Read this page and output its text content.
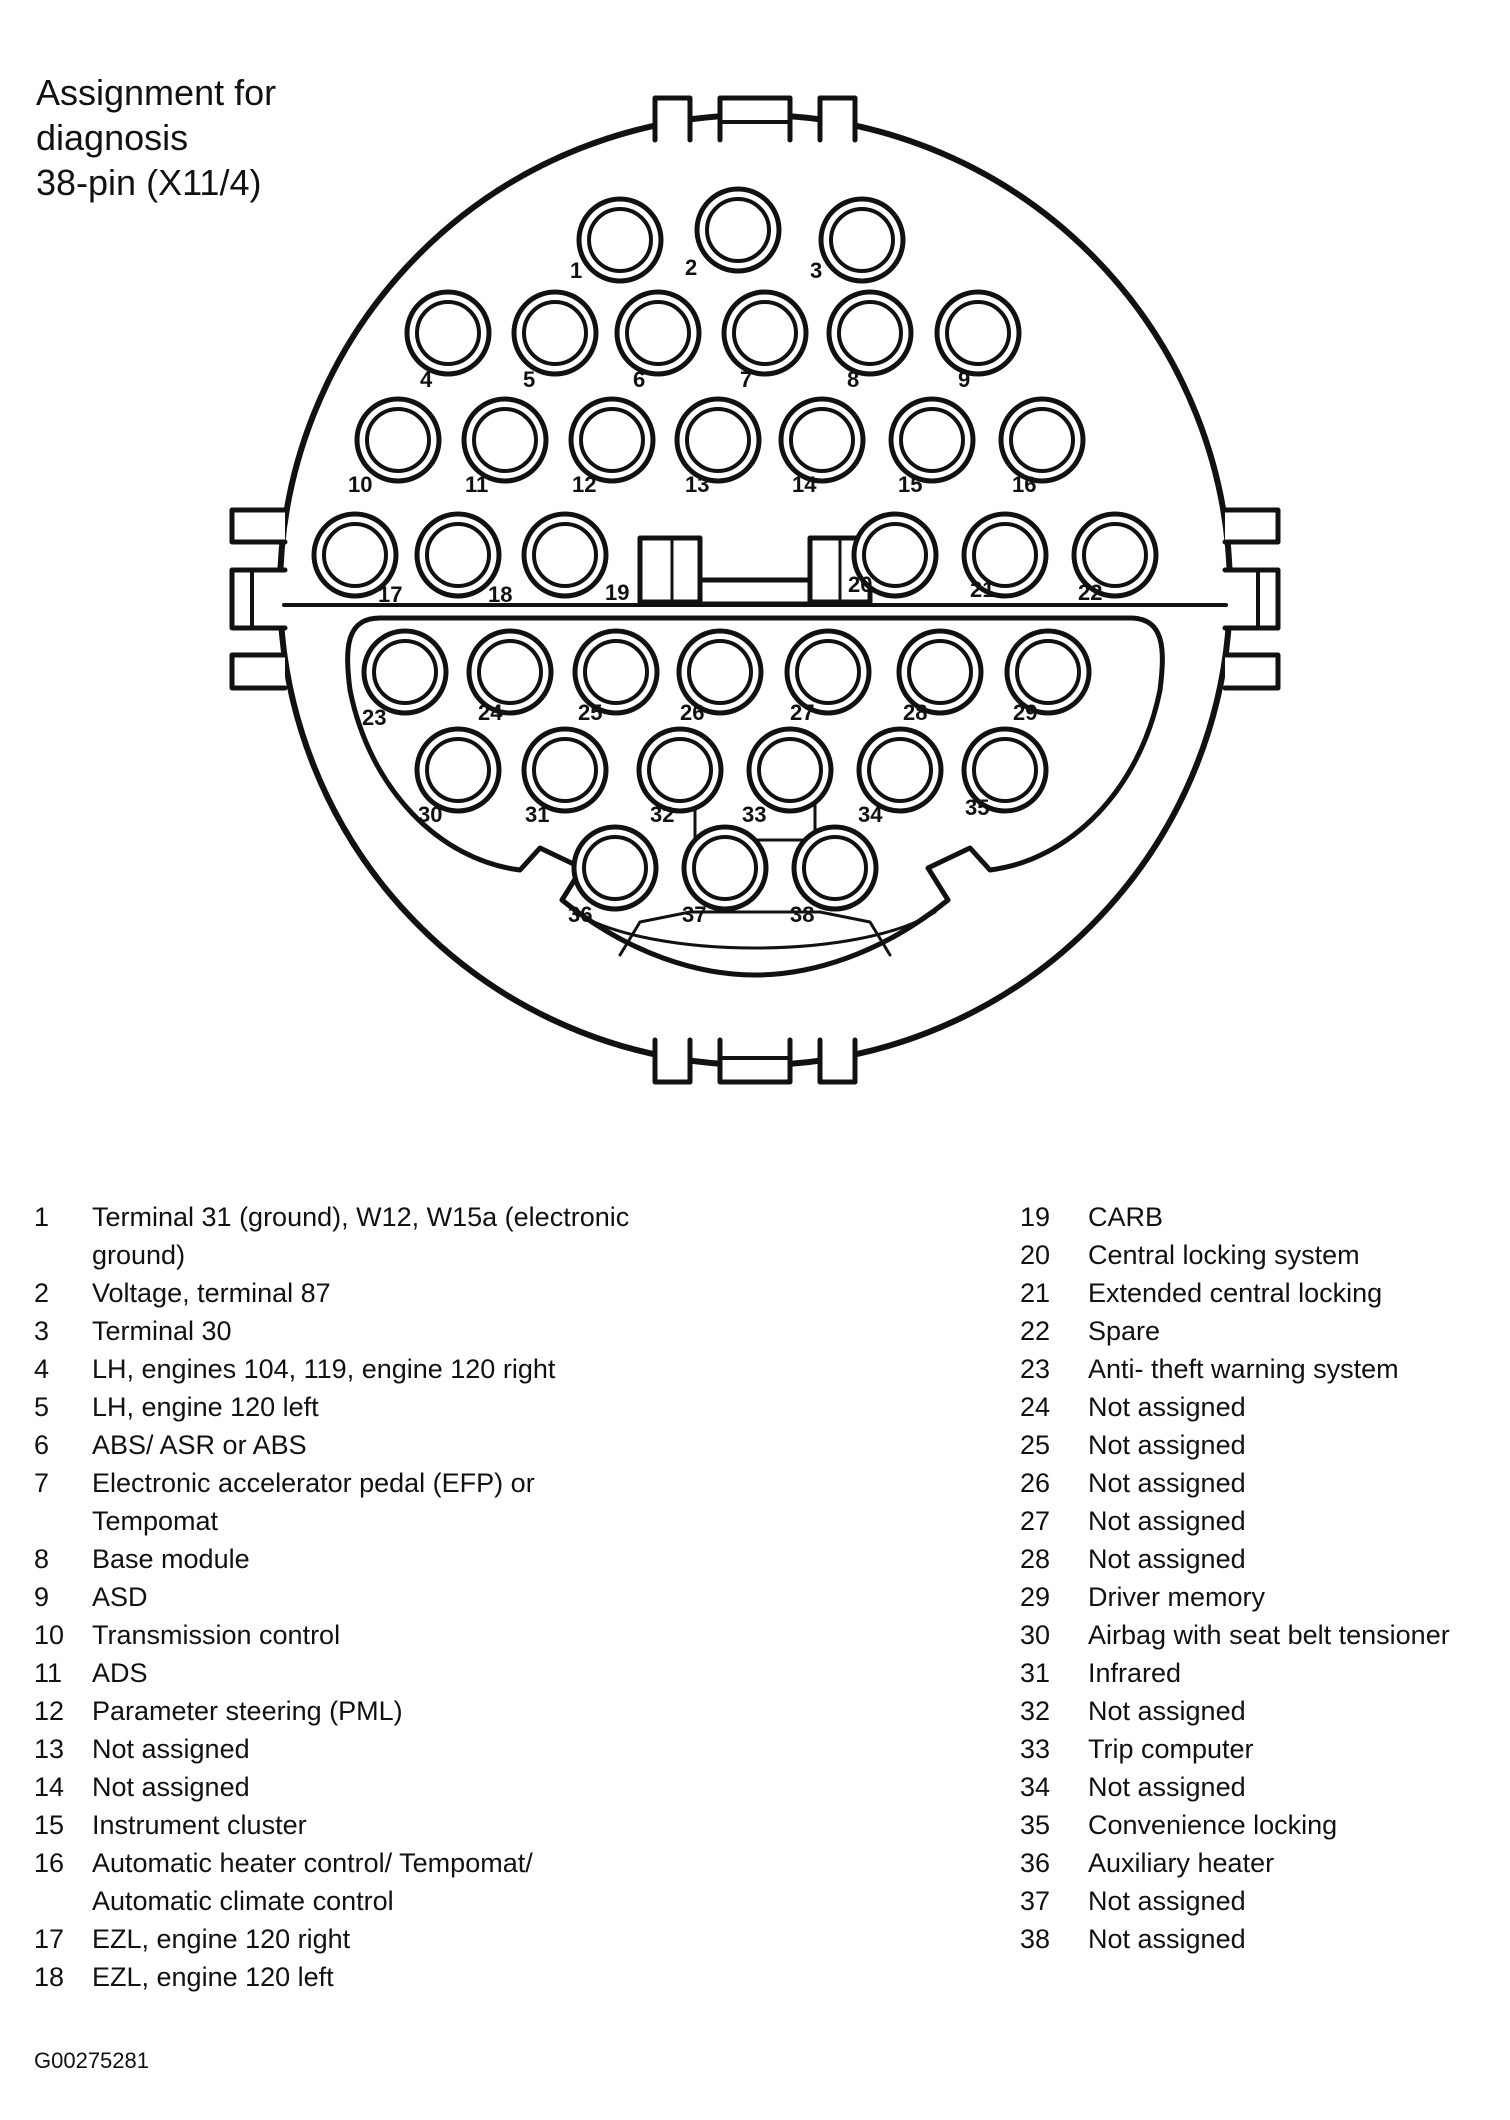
Assignment for
diagnosis
38-pin (X11/4)
1	2	3
4	5	6	7	8	9
10	11	12	13	14	15	16
17	18	19	20	21	22
23	24	25	26	27	28	29
30	31	32	33	34	35
36	37	38
1	Terminal 31 (ground), W12, W15a (electronic
ground)
2	Voltage, terminal 87
3	Terminal 30
4	LH, engines 104, 119, engine 120 right
5	LH, engine 120 left
6	ABS/ ASR or ABS
7	Electronic accelerator pedal (EFP) or
Tempomat
8	Base module
9	ASD
10	Transmission control
11	ADS
12	Parameter steering (PML)
13	Not assigned
14	Not assigned
15	Instrument cluster
16	Automatic heater control/ Tempomat/
Automatic climate control
17	EZL, engine 120 right
18	EZL, engine 120 left
19	CARB
20	Central locking system
21	Extended central locking
22	Spare
23	Anti- theft warning system
24	Not assigned
25	Not assigned
26	Not assigned
27	Not assigned
28	Not assigned
29	Driver memory
30	Airbag with seat belt tensioner
31	Infrared
32	Not assigned
33	Trip computer
34	Not assigned
35	Convenience locking
36	Auxiliary heater
37	Not assigned
38	Not assigned
G00275281
